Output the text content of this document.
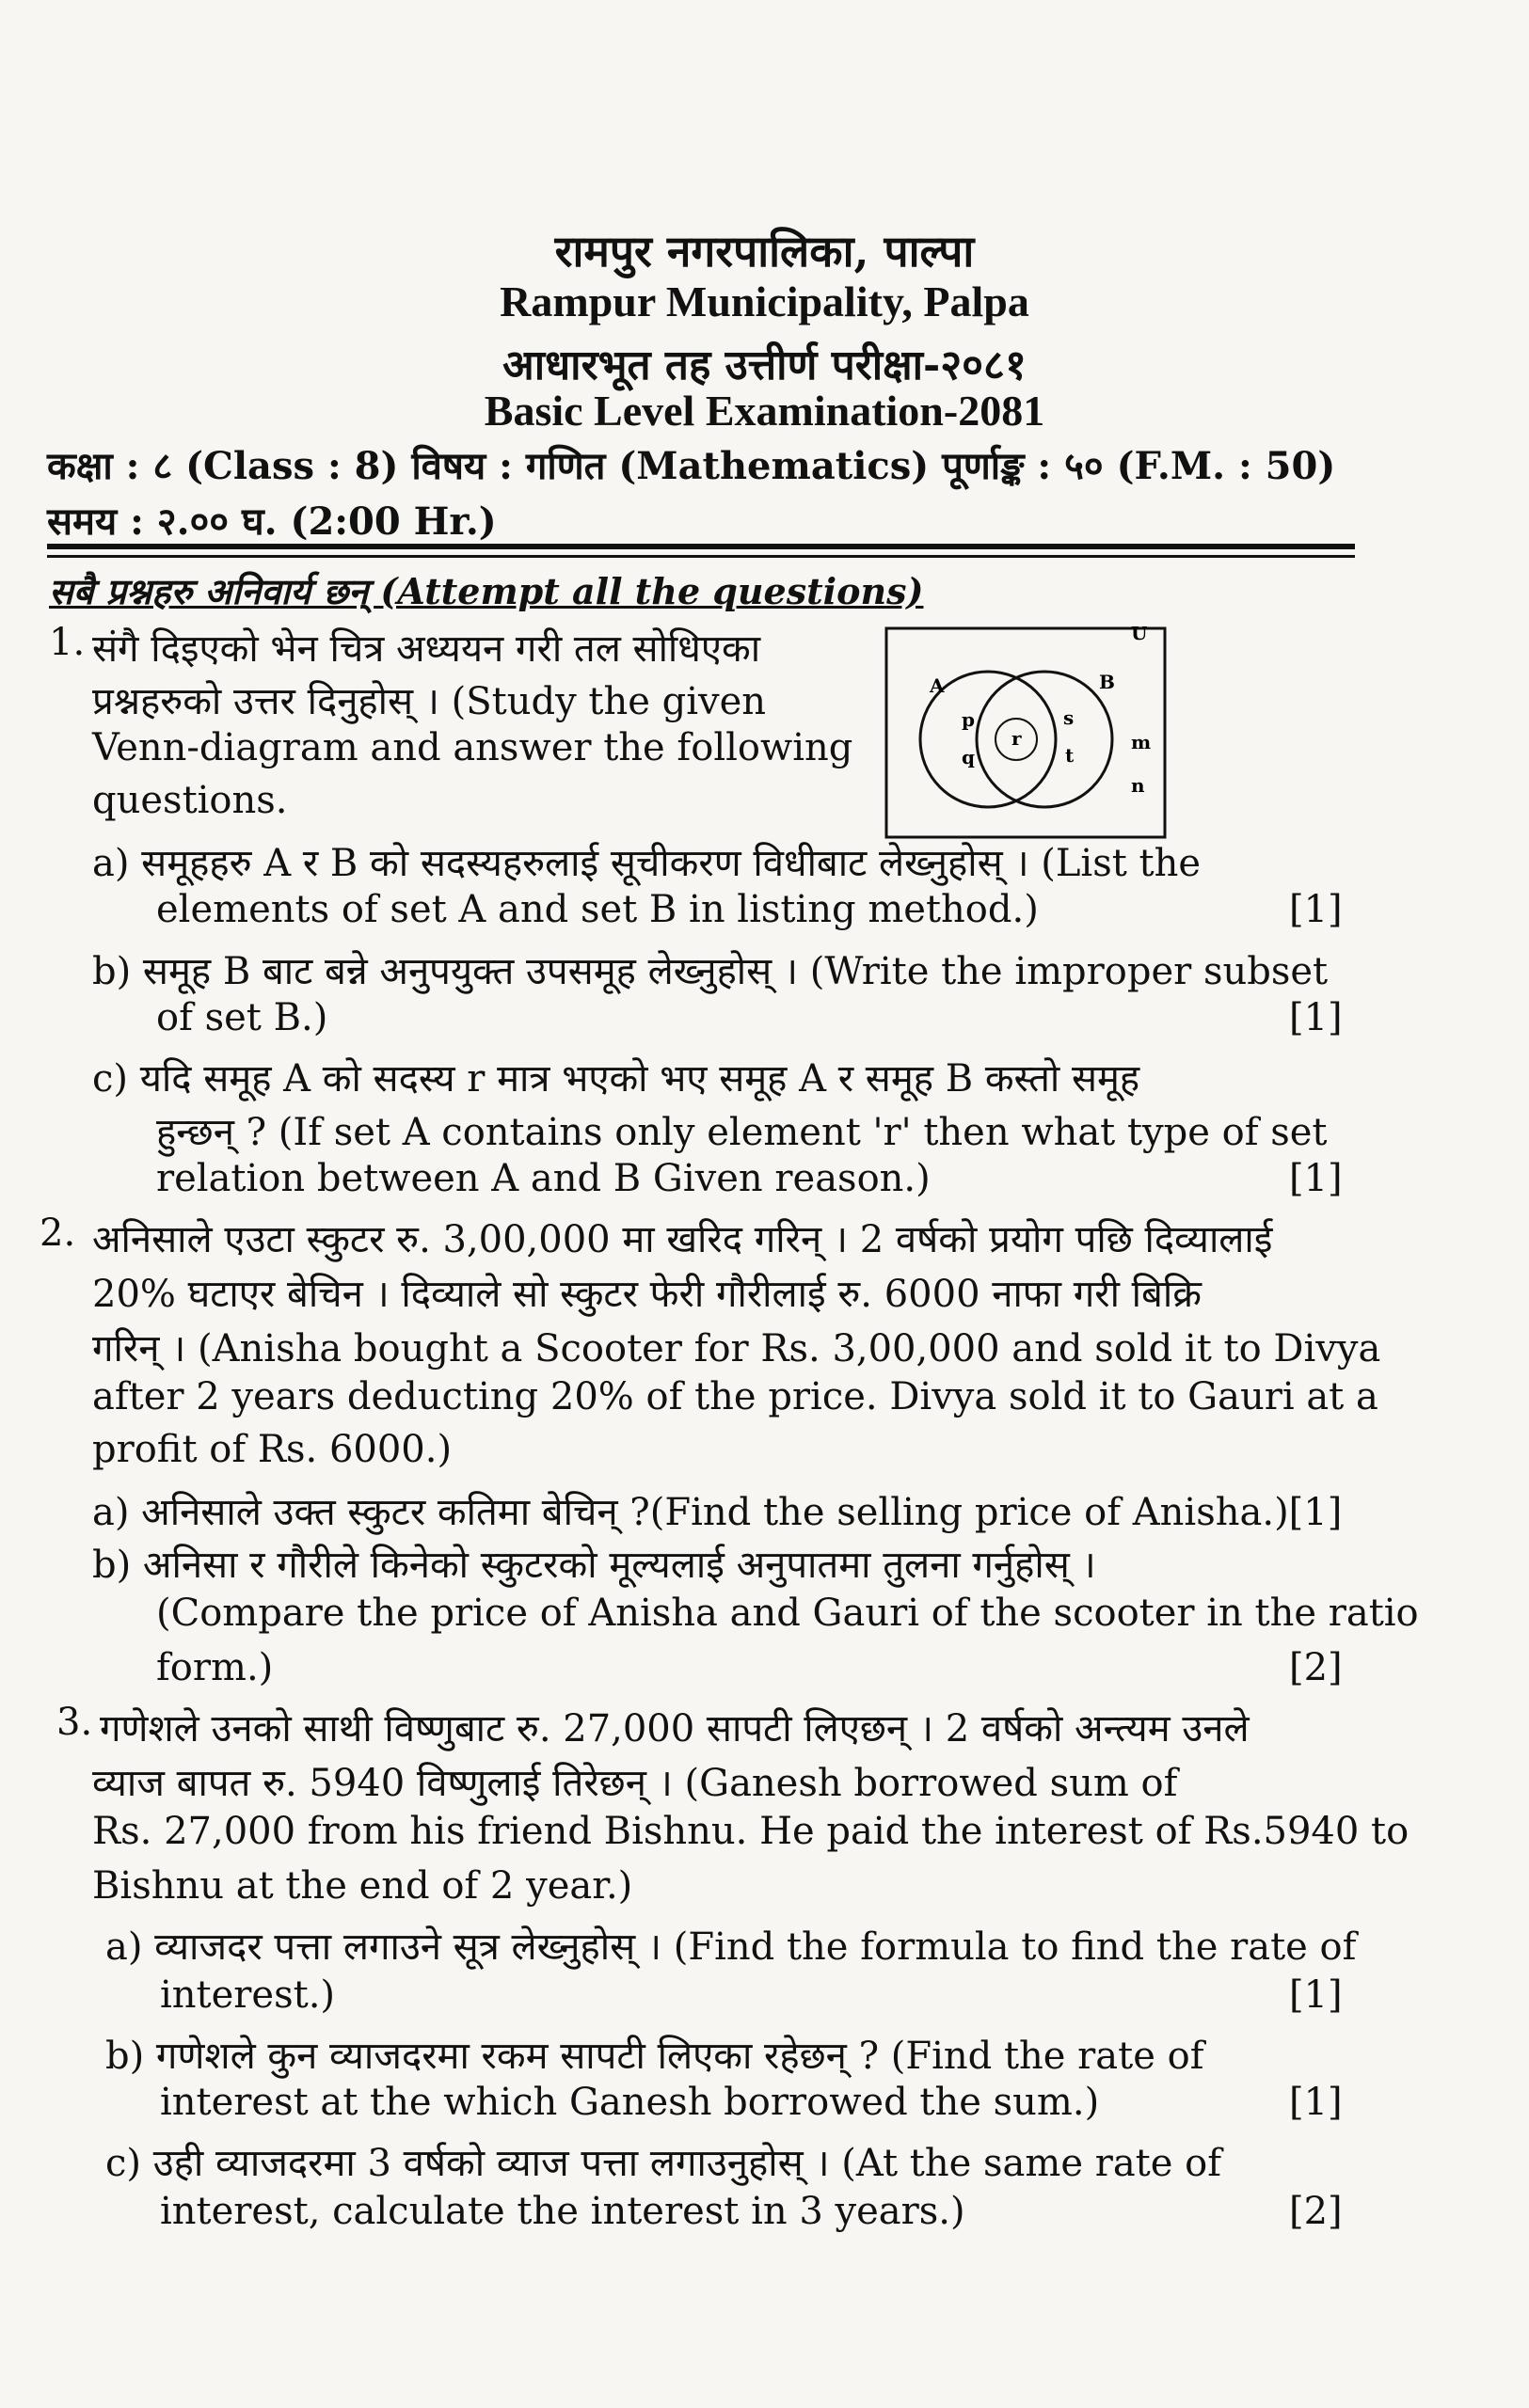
रामपुर नगरपालिका, पाल्पा
Rampur Municipality, Palpa
आधारभूत तह उत्तीर्ण परीक्षा-२०८१
Basic Level Examination-2081
कक्षा : ८ (Class : 8) विषय : गणित (Mathematics) पूर्णाङ्क : ५० (F.M. : 50)
समय : २.०० घ. (2:00 Hr.)
सबै प्रश्नहरु अनिवार्य छन् (Attempt all the questions)
1. संगै दिइएको भेन चित्र अध्ययन गरी तल सोधिएका
प्रश्नहरुको उत्तर दिनुहोस् । (Study the given
Venn-diagram and answer the following
questions.
U
A	B
p
q
r
s
t
m
n
a) समूहहरु A र B को सदस्यहरुलाई सूचीकरण विधीबाट लेख्नुहोस् । (List the
elements of set A and set B in listing method.)	[1]
b) समूह B बाट बन्ने अनुपयुक्त उपसमूह लेख्नुहोस् । (Write the improper subset
of set B.)	[1]
c) यदि समूह A को सदस्य r मात्र भएको भए समूह A र समूह B कस्तो समूह
हुन्छन् ? (If set A contains only element 'r' then what type of set
relation between A and B Given reason.)	[1]
2. अनिसाले एउटा स्कुटर रु. 3,00,000 मा खरिद गरिन् । 2 वर्षको प्रयोग पछि दिव्यालाई
20% घटाएर बेचिन । दिव्याले सो स्कुटर फेरी गौरीलाई रु. 6000 नाफा गरी बिक्रि
गरिन् । (Anisha bought a Scooter for Rs. 3,00,000 and sold it to Divya
after 2 years deducting 20% of the price. Divya sold it to Gauri at a
profit of Rs. 6000.)
a) अनिसाले उक्त स्कुटर कतिमा बेचिन् ?(Find the selling price of Anisha.)[1]
b) अनिसा र गौरीले किनेको स्कुटरको मूल्यलाई अनुपातमा तुलना गर्नुहोस् ।
(Compare the price of Anisha and Gauri of the scooter in the ratio
form.)	[2]
3. गणेशले उनको साथी विष्णुबाट रु. 27,000 सापटी लिएछन् । 2 वर्षको अन्त्यम उनले
व्याज बापत रु. 5940 विष्णुलाई तिरेछन् । (Ganesh borrowed sum of
Rs. 27,000 from his friend Bishnu. He paid the interest of Rs.5940 to
Bishnu at the end of 2 year.)
a) व्याजदर पत्ता लगाउने सूत्र लेख्नुहोस् । (Find the formula to find the rate of
interest.)	[1]
b) गणेशले कुन व्याजदरमा रकम सापटी लिएका रहेछन् ? (Find the rate of
interest at the which Ganesh borrowed the sum.)	[1]
c) उही व्याजदरमा 3 वर्षको व्याज पत्ता लगाउनुहोस् । (At the same rate of
interest, calculate the interest in 3 years.)	[2]
